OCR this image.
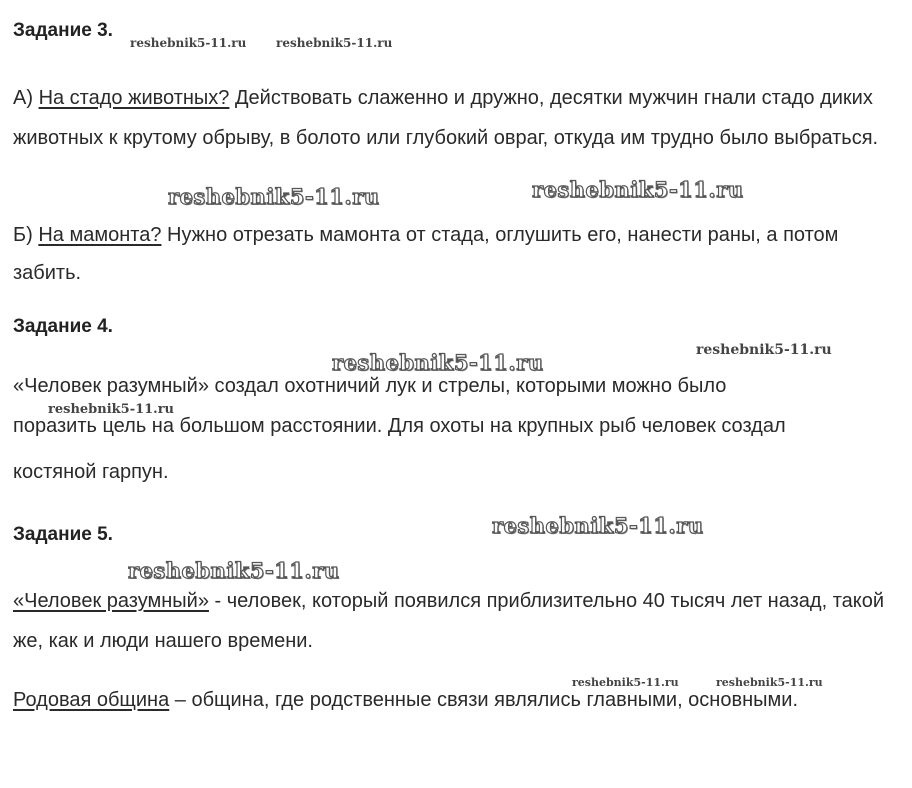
Задание 3.

А) На стадо животных? Действовать слаженно и дружно, десятки мужчин гнали стадо диких животных к крутому обрыву, в болото или глубокий овраг, откуда им трудно было выбраться.

Б) На мамонта? Нужно отрезать мамонта от стада, оглушить его, нанести раны, а потом забить.

Задание 4.

«Человек разумный» создал охотничий лук и стрелы, которыми можно было

поразить цель на большом расстоянии. Для охоты на крупных рыб человек создал

костяной гарпун.

Задание 5.

«Человек разумный» - человек, который появился приблизительно 40 тысяч лет назад, такой же, как и люди нашего времени.

Родовая община – община, где родственные связи являлись главными, основными.

reshebnik5-11.ru reshebnik5-11.ru
reshebnik5-11.ru	reshebnik5-11.ru
reshebnik5-11.ru	reshebnik5-11.ru
reshebnik5-11.ru
reshebnik5-11.ru
reshebnik5-11.ru
reshebnik5-11.ru	reshebnik5-11.ru
